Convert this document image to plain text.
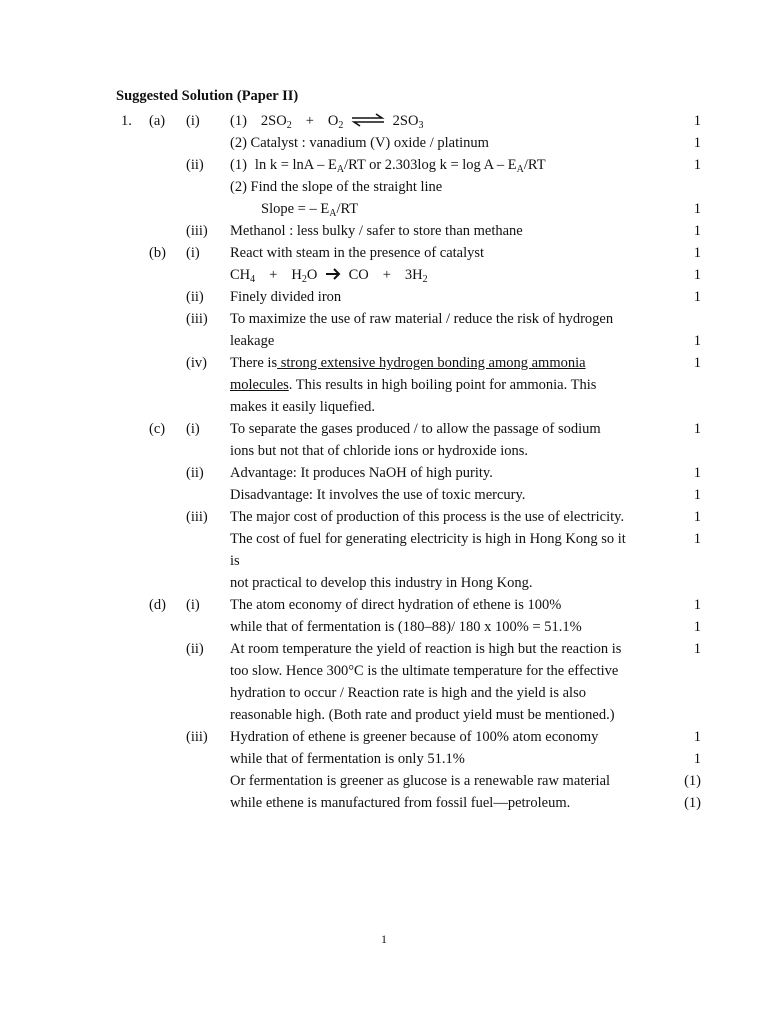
Suggested Solution (Paper II)
1. (a) (i) (1) $2SO_2 + O_2$ ⇌ $2SO_3$	1
(2) Catalyst : vanadium (V) oxide / platinum	1
(ii) (1) $\ln k = \ln A - E_A/RT$ or 2.303log $k = \log A - E_A/RT$	1
(2) Find the slope of the straight line
Slope = – $E_A/RT$	1
(iii) Methanol : less bulky / safer to store than methane	1
(b) (i) React with steam in the presence of catalyst	1
$CH_4 + H_2O$ CO + $3H_2$	1
(ii) Finely divided iron	1
(iii) To maximize the use of raw material / reduce the risk of hydrogen
leakage	1
(iv) There is strong extensive hydrogen bonding among ammonia	1
molecules. This results in high boiling point for ammonia. This
makes it easily liquefied.
(c) (i) To separate the gases produced / to allow the passage of sodium	1
ions but not that of chloride ions or hydroxide ions.
(ii) Advantage: It produces NaOH of high purity.	1
Disadvantage: It involves the use of toxic mercury.	1
(iii) The major cost of production of this process is the use of electricity.	1
The cost of fuel for generating electricity is high in Hong Kong so it	1
is
not practical to develop this industry in Hong Kong.
(d) (i) The atom economy of direct hydration of ethene is 100%	1
while that of fermentation is (180–88)/ 180 x 100% = 51.1%	1
(ii) At room temperature the yield of reaction is high but the reaction is	1
too slow. Hence 300°C is the ultimate temperature for the effective
hydration to occur / Reaction rate is high and the yield is also
reasonable high. (Both rate and product yield must be mentioned.)
(iii) Hydration of ethene is greener because of 100% atom economy	1
while that of fermentation is only 51.1%	1
Or fermentation is greener as glucose is a renewable raw material	(1)
while ethene is manufactured from fossil fuel—petroleum.	(1)
1
